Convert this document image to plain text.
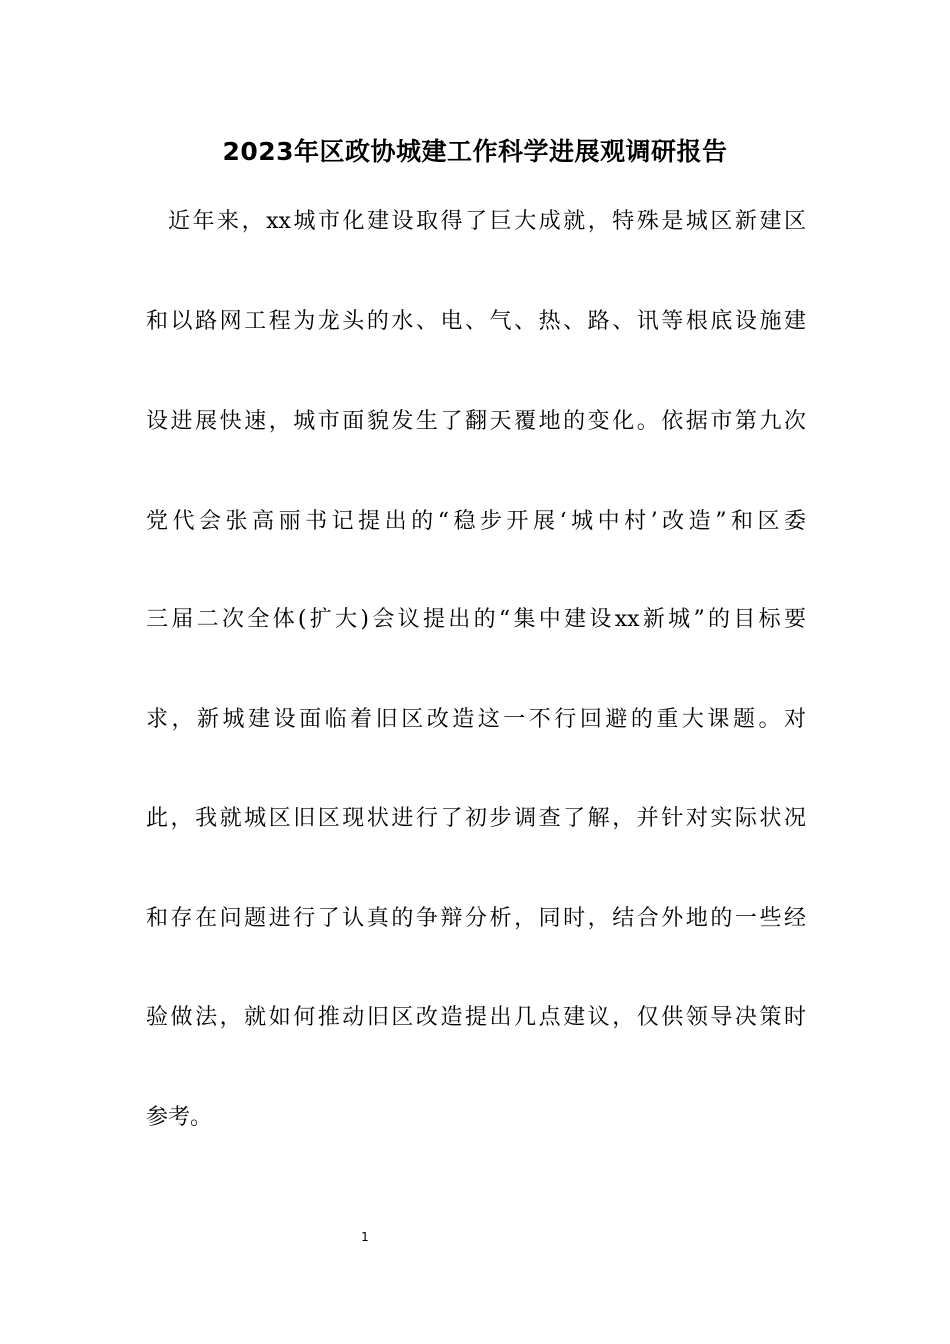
2023年区政协城建工作科学进展观调研报告
近年来，xx城市化建设取得了巨大成就，特殊是城区新建区
和以路网工程为龙头的水、电、气、热、路、讯等根底设施建
设进展快速，城市面貌发生了翻天覆地的变化。依据市第九次
党代会张高丽书记提出的“稳步开展‘城中村’改造”和区委
三届二次全体(扩大)会议提出的“集中建设xx新城”的目标要
求，新城建设面临着旧区改造这一不行回避的重大课题。对
此，我就城区旧区现状进行了初步调查了解，并针对实际状况
和存在问题进行了认真的争辩分析，同时，结合外地的一些经
验做法，就如何推动旧区改造提出几点建议，仅供领导决策时
参考。
1
